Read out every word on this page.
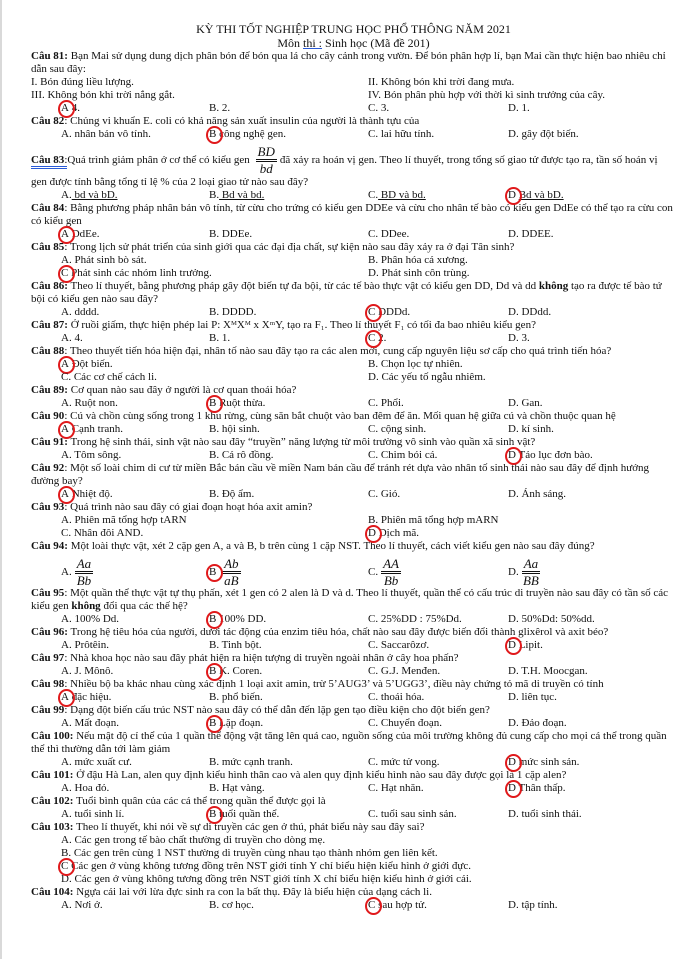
KỲ THI TỐT NGHIỆP TRUNG HỌC PHỔ THÔNG NĂM 2021
Môn thi : Sinh học (Mã đề 201)
Câu 81: Bạn Mai sử dụng dung dịch phân bón để bón qua lá cho cây cảnh trong vườn. Để bón phân hợp lí, bạn Mai cần thực hiện bao nhiêu chỉ dẫn sau đây:
I. Bón đúng liều lượng.	II. Không bón khi trời đang mưa.
III. Không bón khi trời nắng gắt.	IV. Bón phân phù hợp với thời kì sinh trưởng của cây.
A 4.	B. 2.	C. 3.	D. 1.
Câu 82: Chủng vi khuẩn E. coli có khả năng sản xuất insulin của người là thành tựu của
A. nhân bản vô tính.	B công nghệ gen.	C. lai hữu tính.	D. gây đột biến.
Câu 83:Quá trình giảm phân ở cơ thể có kiểu gen $\frac{BD}{bd}$ đã xảy ra hoán vị gen. Theo lí thuyết, trong tổng số giao tử được tạo ra, tần số hoán vị gen được tính bằng tổng tỉ lệ % của 2 loại giao tử nào sau đây?
A. bd và bD.	B. Bd và bd.	C. BD và bd.	D Bd và bD.
Câu 84: Bằng phương pháp nhân bản vô tính, từ cừu cho trứng có kiểu gen DDEe và cừu cho nhân tế bào có kiểu gen DdEe có thể tạo ra cừu con có kiểu gen
A DdEe.	B. DDEe.	C. DDee.	D. DDEE.
Câu 85: Trong lịch sử phát triển của sinh giới qua các đại địa chất, sự kiện nào sau đây xảy ra ở đại Tân sinh?
A. Phát sinh bò sát.	B. Phân hóa cá xương.
C Phát sinh các nhóm linh trưởng.	D. Phát sinh côn trùng.
Câu 86: Theo lí thuyết, bằng phương pháp gây đột biến tự đa bội, từ các tế bào thực vật có kiểu gen DD, Dd và dd không tạo ra được tế bào tứ bội có kiểu gen nào sau đây?
A. dddd.	B. DDDD.	C DDDd.	D. DDdd.
Câu 87: Ở ruồi giấm, thực hiện phép lai P: XᴹXᴹ x XᵐY, tạo ra F₁. Theo lí thuyết F₁ có tối đa bao nhiêu kiểu gen?
A. 4.	B. 1.	C 2.	D. 3.
Câu 88: Theo thuyết tiến hóa hiện đại, nhân tố nào sau đây tạo ra các alen mới, cung cấp nguyên liệu sơ cấp cho quá trình tiến hóa?
A Đột biến.	B. Chọn lọc tự nhiên.
C. Các cơ chế cách li.	D. Các yếu tố ngẫu nhiêm.
Câu 89: Cơ quan nào sau đây ở người là cơ quan thoái hóa?
A. Ruột non.	B Ruột thừa.	C. Phổi.	D. Gan.
Câu 90: Cú và chồn cùng sống trong 1 khu rừng, cùng săn bắt chuột vào ban đêm để ăn. Mối quan hệ giữa cú và chồn thuộc quan hệ
A Cạnh tranh.	B. hội sinh.	C. cộng sinh.	D. kí sinh.
Câu 91: Trong hệ sinh thái, sinh vật nào sau đây “truyền” năng lượng từ môi trường vô sinh vào quần xã sinh vật?
A. Tôm sông.	B. Cá rô đồng.	C. Chim bói cá.	D Tảo lục đơn bào.
Câu 92: Một số loài chim di cư từ miền Bắc bán cầu về miền Nam bán cầu để tránh rét dựa vào nhân tố sinh thái nào sau đây để định hướng đường bay?
A Nhiệt độ.	B. Độ ẩm.	C. Gió.	D. Ánh sáng.
Câu 93: Quá trình nào sau đây có giai đoạn hoạt hóa axit amin?
A. Phiên mã tổng hợp tARN	B. Phiên mã tổng hợp mARN
C. Nhân đôi AND.	D Dịch mã.
Câu 94: Một loài thực vật, xét 2 cặp gen A, a và B, b trên cùng 1 cặp NST. Theo lí thuyết, cách viết kiểu gen nào sau đây đúng?
A. $\frac{Aa}{Bb}$	B $\frac{Ab}{aB}$	C. $\frac{AA}{Bb}$	D. $\frac{Aa}{BB}$
Câu 95: Một quần thể thực vật tự thụ phấn, xét 1 gen có 2 alen là D và d. Theo lí thuyết, quần thể có cấu trúc di truyền nào sau đây có tần số các kiểu gen không đổi qua các thế hệ?
A. 100% Dd.	B 100% DD.	C. 25%DD : 75%Dd.	D. 50%Dd: 50%dd.
Câu 96: Trong hệ tiêu hóa của người, dưới tác động của enzim tiêu hóa, chất nào sau đây được biến đổi thành glixêrol và axit béo?
A. Prôtêin.	B. Tinh bột.	C. Saccarôzơ.	D Lipit.
Câu 97: Nhà khoa học nào sau đây phát hiện ra hiện tượng di truyền ngoài nhân ở cây hoa phấn?
A. J. Mônô.	B K. Coren.	C. G.J. Menđen.	D. T.H. Moocgan.
Câu 98: Nhiều bộ ba khác nhau cùng xác định 1 loại axit amin, trừ 5’AUG3’ và 5’UGG3’, điều này chứng tỏ mã di truyền có tính
A đặc hiệu.	B. phổ biến.	C. thoái hóa.	D. liên tục.
Câu 99: Dạng đột biến cấu trúc NST nào sau đây có thể dẫn đến lặp gen tạo điều kiện cho đột biến gen?
A. Mất đoạn.	B Lặp đoạn.	C. Chuyển đoạn.	D. Đảo đoạn.
Câu 100: Nếu mật độ cỉ thể của 1 quần thể động vật tăng lên quá cao, nguồn sống của môi trường không đủ cung cấp cho mọi cá thể trong quần thể thì thường dẫn tới làm giảm
A. mức xuất cư.	B. mức cạnh tranh.	C. mức tử vong.	D mức sinh sản.
Câu 101: Ở đậu Hà Lan, alen quy định kiểu hình thân cao và alen quy định kiểu hình nào sau đây được gọi là 1 cặp alen?
A. Hoa đỏ.	B. Hạt vàng.	C. Hạt nhăn.	D Thân thấp.
Câu 102: Tuổi bình quân của các cá thể trong quần thể được gọi là
A. tuổi sinh lí.	B tuổi quần thể.	C. tuổi sau sinh sản.	D. tuổi sinh thái.
Câu 103: Theo lí thuyết, khi nói về sự di truyền các gen ở thú, phát biểu này sau đây sai?
A. Các gen trong tế bào chất thường di truyền cho dòng mẹ.
B. Các gen trên cùng 1 NST thường di truyền cùng nhau tạo thành nhóm gen liên kết.
C Các gen ở vùng không tương đồng trên NST giới tính Y chỉ biểu hiện kiểu hình ở giới đực.
D. Các gen ở vùng không tương đồng trên NST giới tính X chỉ biểu hiện kiểu hình ở giới cái.
Câu 104: Ngựa cái lai với lừa đực sinh ra con la bất thụ. Đây là biểu hiện của dạng cách li.
A. Nơi ở.	B. cơ học.	C sau hợp tử.	D. tập tính.
